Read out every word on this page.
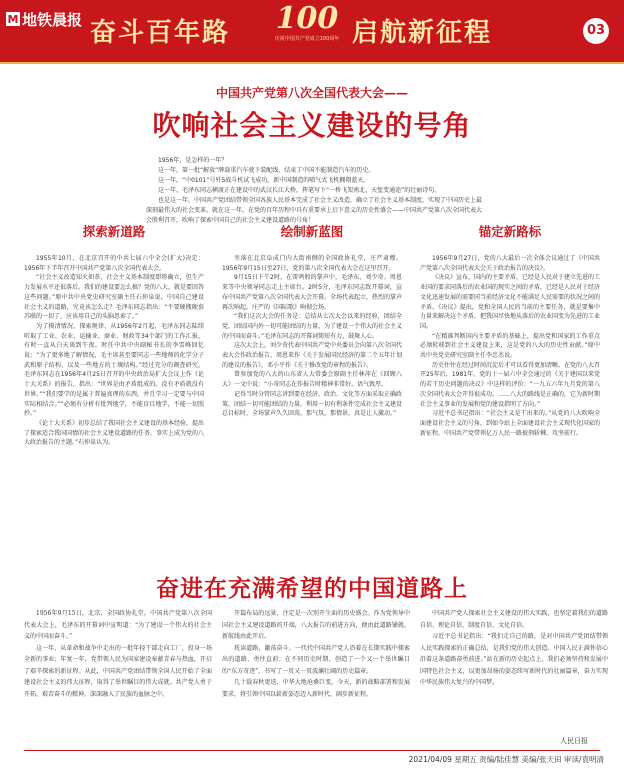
M 地铁晨报 奋斗百年路	100
庆祝中国共产党成立100周年 启航新征程	03
中国共产党第八次全国代表大会——
吹响社会主义建设的号角

1956年，是怎样的一年？

这一年，第一批“解放”牌载重汽车驶下装配线，结束了中国不能制造汽车的历史。

这一年，“中0101”号歼5战斗机试飞成功，新中国制造的喷气式飞机翱翔蓝天。

这一年，毛泽东同志横渡正在建设中的武汉长江大桥，挥笔写下“一桥飞架南北，天堑变通途”的壮丽诗句。

也是这一年，中国共产党团结带领全国各族人民基本完成了社会主义改造，确立了社会主义基本制度，实现了中国历史上最深刻最伟大的社会变革。就在这一年，在党的百年历程中具有重要承上启下意义的历史性盛会——中国共产党第八次全国代表大会胜利召开，吹响了探索中国自己的社会主义建设道路的号角！

探索新道路

1955年10月，在北京召开的中共七届六中全会(扩大)决定：1956年下半年召开中国共产党第八次全国代表大会。

“社会主义改造知火如荼，社会主义基本制度即将确立，但生产力发展水平还很落后。我们的建设要怎么搞？党的八大，就是要回答这些问题。”原中共中央党史研究室副主任石仲泉说。中国自己建设社会主义的道路，究竟该怎么走？毛泽东同志指出：“不要硬搬硬套苏联的一切了，应该用自己的头脑思索了。”

为了摸清情况、探索规律，从1956年2月起，毛泽东同志陆续听取了工业、农业、运输业、商业、财政等34个部门的工作汇报，有时一直从白天谈到午夜。时任中共中央副秘书长的李雪峰回忆说：“为了更多地了解情况，毛主席甚至要同志一些地师的化学分子武和原子结构，以及一些地方的土壤结构。”经过充分的调查研究，毛泽东同志在1956年4月25日召开的中央政治局扩大会议上作《论十大关系》的报告，指出：“世界是由矛盾组成的。没有矛盾就没有世界。”“我们要学的是属于普遍真理的东西，并且学习一定要与中国实际相结合。”“必须有分析有批判地学，不能盲目地学，不能一切照抄。”

《论十大关系》初步总结了我国社会主义建设的基本经验，提出了探索适合我国国情的社会主义建设道路的任务，事实上成为党的八大政治报告的主题。”石仲泉认为。

绘制新蓝图

坐落在北京阜成门内大街南侧的全国政协礼堂，庄严肃穆。1956年9月15日至27日，党的第八次全国代表大会在这里召开。

9月15日下午2时，在雷鸣般的掌声中，毛泽东、刘少奇、周恩来等中央领导同志走上主席台。2时5分，毛泽东同志致开幕词，宣布中国共产党第八次全国代表大会开幕。全场代表起立，热烈的掌声再次响起，庄严的《国际歌》响彻会场。

“我们这次大会的任务是：总结从七次大会以来的经验，团结全党，团结国内外一切可能团结的力量，为了建设一个伟大的社会主义的中国而奋斗。”毛泽东同志的开幕词简短有力，鼓舞人心。

这次大会上，刘少奇代表中国共产党中央委员会向第八次全国代表大会作政治报告，周恩来作《关于发展国民经济的第二个五年计划的建议的报告》，邓小平作《关于修改党的章程的报告》。

曾参加党的八大的山东省人大常委会原副主任林萍在《回顾八大》一文中说：“小奇同志在作报告时精神非常好，语气敦厚。

记得当时分管同志讲到要在经济、政治、文化等方面采取正确政策，团结一切可能团结的力量，利用一切有利条件完成社会主义建设总目标时，全场掌声久久回荡，那气氛，那情景，真是让人激动。”

锚定新路标

1956年9月27日，党的八大最后一次全体会议通过了《中国共产党第八次全国代表大会关于政治报告的决议》。

《决议》宣布，国内的主要矛盾，已经是人民对于建立先进的工业国的要求同落后的农业国的现实之间的矛盾，已经是人民对于经济文化迅速发展的需要同当前经济文化不能满足人民需要的状况之间的矛盾。《决议》提出，党和全国人民的当前的主要任务，就是要集中力量来解决这个矛盾，把我国尽快地从落后的农业国变为先进的工业国。

“在精准判断国内主要矛盾的基础上，提出党和国家的工作重点必须转移到社会主义建设上来，这是党的八大的历史性贡献。”原中共中央党史研究室副主任李忠杰说。

历史往往在经过时间沉淀后才可以看得更加清晰。在党的八大召开25年后，1981年，党的十一届六中全会通过的《关于建国以来党的若干历史问题的决议》中这样的评价：“一九五六年九月党的第八次全国代表大会开得很成功。……八大的路线是正确的，它为新时期社会主义事业的发展和党的建设指明了方向。”

习近平总书记指出：“社会主义是干出来的。”从党的八大吹响全面建设社会主义的号角，到如今站上全面建设社会主义现代化国家的新征程，中国共产党带领亿万人民一路披荆斩棘、攻坚前行。

奋进在充满希望的中国道路上

1956年9月15日，北京，全国政协礼堂。中国共产党第八次全国代表大会上，毛泽东的开幕词中宣明道：“为了建设一个伟大的社会主义的中国而奋斗。”

这一年，从革命和战争中走出的一批年轻干部走向工厂，投身一场全新的事业；年复一年，党带领人民为国家建设奉献青春与热血，开启了艰辛探索的新征程。从此，中国共产党团结带领全国人民开始了全面建设社会主义的伟大征程，取得了举世瞩目的伟大成就。共产党人勇于开拓、艰苦奋斗的精神，深深融入了民族的血脉之中。

开篇布局的远景，注定是一次别开生面的历史盛会。作为党领导中国社会主义建设道路的开端，八大报告的前进方向，便由此道路铺就，新航线由此开启。

抚读道路，激荡奋斗。一代代中国共产党人沿着在长期实践中探索出的道路，勇往直前；在不同历史时期，创造了一个又一个举世瞩目的“东方奇迹”，书写了一页又一页波澜壮阔的历史篇章。

几十载春秋更迭，中华大地沧桑巨变。今天，新的战略部署和发展要求，将引领中国以崭新姿态迈入新时代、阔步新征程。

中国共产党人探索社会主义建设的伟大实践，也坚定着我们的道路自信、理论自信、制度自信、文化自信。

习近平总书记指出：“我们走自己的路，是对中国共产党团结带领人民实践探索的正确总结，是我们党的伟大创造。中国人民正满怀信心沿着这条道路奋勇前进。”站在新的历史起点上，我们必须坚持和发展中国特色社会主义，以更加昂扬的姿态续写新时代的壮丽篇章，奋力实现中华民族伟大复兴的中国梦。

人民日报
2021/04/09 星期五 责编/陆佳慧 美编/张天田 审读/袁明清
